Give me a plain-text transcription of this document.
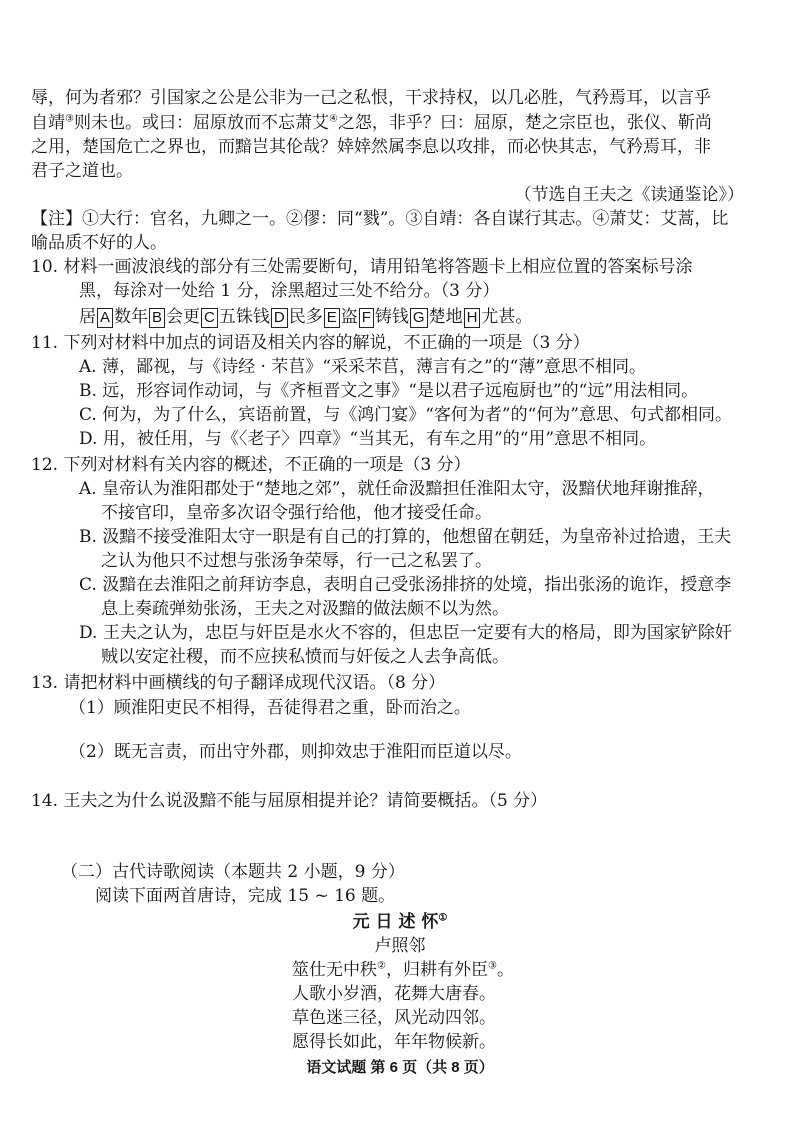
辱，何为者邪？引国家之公是公非为一己之私恨，干求持权，以几必胜，气矜焉耳，以言乎
自靖③则未也。或曰：屈原放而不忘萧艾④之怨，非乎？曰：屈原，楚之宗臣也，张仪、靳尚
之用，楚国危亡之界也，而黯岂其伦哉？婞婞然属李息以攻排，而必快其志，气矜焉耳，非
君子之道也。
（节选自王夫之《读通鉴论》）
【注】①大行：官名，九卿之一。②僇：同“戮”。③自靖：各自谋行其志。④萧艾：艾蒿，比
喻品质不好的人。
10. 材料一画波浪线的部分有三处需要断句，请用铅笔将答题卡上相应位置的答案标号涂
黑，每涂对一处给 1 分，涂黑超过三处不给分。（3 分）
居 A 数年 B 会更 C 五铢钱 D 民多 E 盗 F 铸钱 G 楚地 H 尤甚。
11. 下列对材料中加点的词语及相关内容的解说，不正确的一项是（3 分）
A. 薄，鄙视，与《诗经 · 芣苢》“采采芣苢，薄言有之”的“薄”意思不相同。
B. 远，形容词作动词，与《齐桓晋文之事》“是以君子远庖厨也”的“远”用法相同。
C. 何为，为了什么，宾语前置，与《鸿门宴》“客何为者”的“何为”意思、句式都相同。
D. 用，被任用，与《〈老子〉四章》“当其无，有车之用”的“用”意思不相同。
12. 下列对材料有关内容的概述，不正确的一项是（3 分）
A. 皇帝认为淮阳郡处于“楚地之郊”，就任命汲黯担任淮阳太守，汲黯伏地拜谢推辞，
不接官印，皇帝多次诏令强行给他，他才接受任命。
B. 汲黯不接受淮阳太守一职是有自己的打算的，他想留在朝廷，为皇帝补过拾遗，王夫
之认为他只不过想与张汤争荣辱，行一己之私罢了。
C. 汲黯在去淮阳之前拜访李息，表明自己受张汤排挤的处境，指出张汤的诡诈，授意李
息上奏疏弹劾张汤，王夫之对汲黯的做法颇不以为然。
D. 王夫之认为，忠臣与奸臣是水火不容的，但忠臣一定要有大的格局，即为国家铲除奸
贼以安定社稷，而不应挟私愤而与奸佞之人去争高低。
13. 请把材料中画横线的句子翻译成现代汉语。（8 分）
（1）顾淮阳吏民不相得，吾徒得君之重，卧而治之。
（2）既无言责，而出守外郡，则抑效忠于淮阳而臣道以尽。
14. 王夫之为什么说汲黯不能与屈原相提并论？请简要概括。（5 分）
（二）古代诗歌阅读（本题共 2 小题，9 分）
阅读下面两首唐诗，完成 15 ~ 16 题。
元 日 述 怀①
卢照邻
筮仕无中秩②，归耕有外臣③。
人歌小岁酒，花舞大唐春。
草色迷三径，风光动四邻。
愿得长如此，年年物候新。
语文试题 第 6 页（共 8 页）
